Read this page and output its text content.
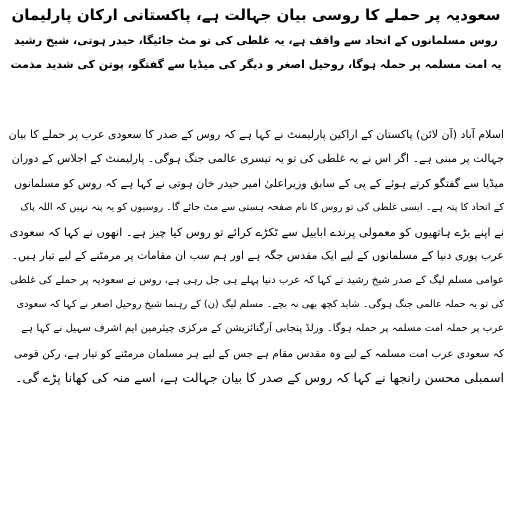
سعودیہ پر حملے کا روسی بیان جہالت ہے، پاکستانی ارکان پارلیمان
روس مسلمانوں کے اتحاد سے واقف ہے، یہ غلطی کی تو مٹ جائیگا، حیدر ہوتی، شیخ رشید
یہ امت مسلمہ پر حملہ ہوگا، روحیل اصغر و دیگر کی میڈیا سے گفتگو، پوتن کی شدید مذمت
اسلام آباد (آن لائن) پاکستان کے اراکین پارلیمنٹ نے کہا ہے کہ روس کے صدر کا سعودی عرب پر حملے کا بیان
جہالت پر مبنی ہے۔ اگر اس نے یہ غلطی کی تو یہ تیسری عالمی جنگ ہوگی۔ پارلیمنٹ کے اجلاس کے دوران
میڈیا سے گفتگو کرتے ہوئے کے پی کے سابق وزیراعلیٰ امیر حیدر خان ہوتی نے کہا ہے کہ روس کو مسلمانوں
کے اتحاد کا پتہ ہے۔ ایسی غلطی کی تو روس کا نام صفحہ ہستی سے مٹ جائے گا۔ روسیوں کو یہ پتہ نہیں کہ اللہ پاک
نے اپنے بڑے ہاتھیوں کو معمولی پرندے ابابیل سے ٹکڑے کرائے تو روس کیا چیز ہے۔ انھوں نے کہا کہ سعودی
عرب پوری دنیا کے مسلمانوں کے لیے ایک مقدس جگہ ہے اور ہم سب ان مقامات پر مرمٹنے کے لیے تیار ہیں۔
عوامی مسلم لیگ کے صدر شیخ رشید نے کہا کہ عرب دنیا پہلے ہی جل رہی ہے، روس نے سعودیہ پر حملے کی غلطی
کی تو یہ حملہ عالمی جنگ ہوگی۔ شاید کچھ بھی نہ بچے۔ مسلم لیگ (ن) کے رہنما شیخ روحیل اصغر نے کہا کہ سعودی
عرب پر حملہ امت مسلمہ پر حملہ ہوگا۔ ورلڈ پنجابی آرگنائزیشن کے مرکزی چیئرمین ایم اشرف سہیل نے کہا ہے
کہ سعودی عرب امت مسلمہ کے لیے وہ مقدس مقام ہے جس کے لیے ہر مسلمان مرمٹنے کو تیار ہے، رکن قومی
اسمبلی محسن رانجھا نے کہا کہ روس کے صدر کا بیان جہالت ہے، اسے منہ کی کھانا پڑے گی۔
